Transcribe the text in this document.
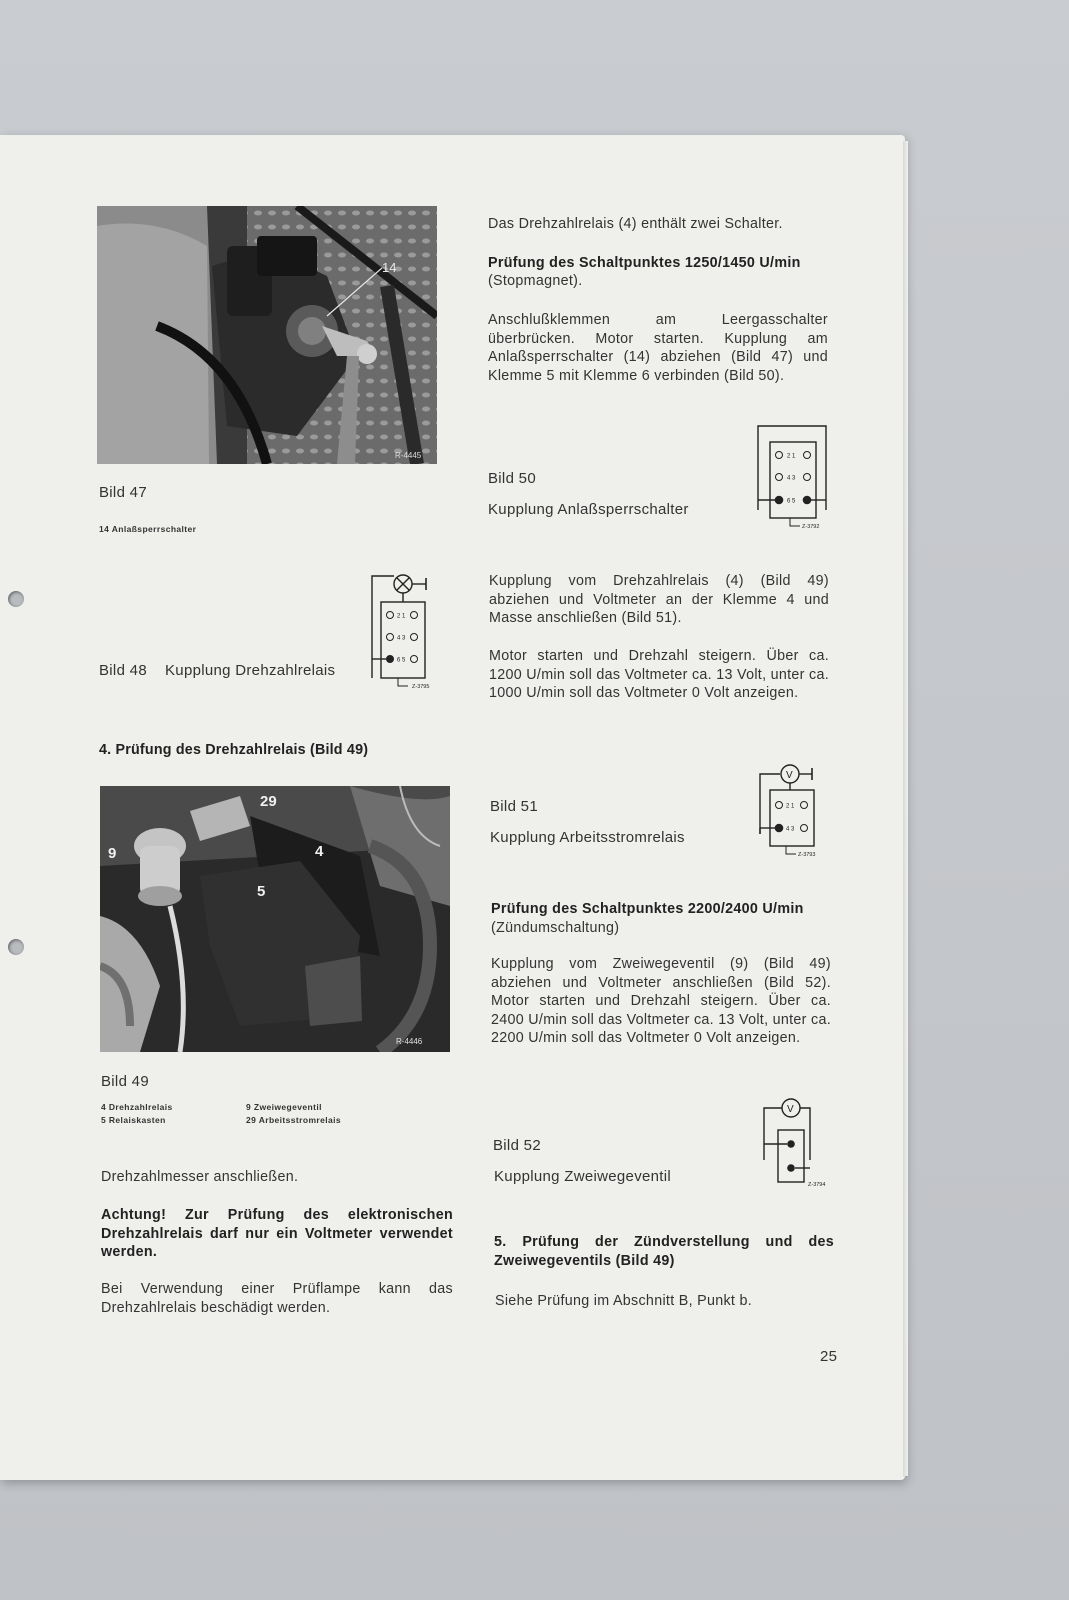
14
R-4445
Bild 47
14 Anlaßsperrschalter
2 1
4 3
6 5
Z-3795
Bild 48 Kupplung Drehzahlrelais
4. Prüfung des Drehzahlrelais (Bild 49)
29
4
5
9
R-4446
Bild 49
4 Drehzahlrelais	9 Zweiwegeventil
5 Relaiskasten	29 Arbeitsstromrelais
Drehzahlmesser anschließen.
Achtung! Zur Prüfung des elektronischen Drehzahlrelais darf nur ein Voltmeter verwendet werden.
Bei Verwendung einer Prüflampe kann das Drehzahlrelais beschädigt werden.
Das Drehzahlrelais (4) enthält zwei Schalter.
Prüfung des Schaltpunktes 1250/1450 U/min
(Stopmagnet).
Anschlußklemmen am Leergasschalter überbrücken. Motor starten. Kupplung am Anlaßsperrschalter (14) abziehen (Bild 47) und Klemme 5 mit Klemme 6 verbinden (Bild 50).
2 1
4 3
6 5
Z-3792
Bild 50
Kupplung Anlaßsperrschalter
Kupplung vom Drehzahlrelais (4) (Bild 49) abziehen und Voltmeter an der Klemme 4 und Masse anschließen (Bild 51).
Motor starten und Drehzahl steigern. Über ca. 1200 U/min soll das Voltmeter ca. 13 Volt, unter ca. 1000 U/min soll das Voltmeter 0 Volt anzeigen.
V
2 1
4 3
Z-3793
Bild 51
Kupplung Arbeitsstromrelais
Prüfung des Schaltpunktes 2200/2400 U/min
(Zündumschaltung)
Kupplung vom Zweiwegeventil (9) (Bild 49) abziehen und Voltmeter anschließen (Bild 52). Motor starten und Drehzahl steigern. Über ca. 2400 U/min soll das Voltmeter ca. 13 Volt, unter ca. 2200 U/min soll das Voltmeter 0 Volt anzeigen.
V
Z-3794
Bild 52
Kupplung Zweiwegeventil
5. Prüfung der Zündverstellung und des Zweiwegeventils (Bild 49)
Siehe Prüfung im Abschnitt B, Punkt b.
25
